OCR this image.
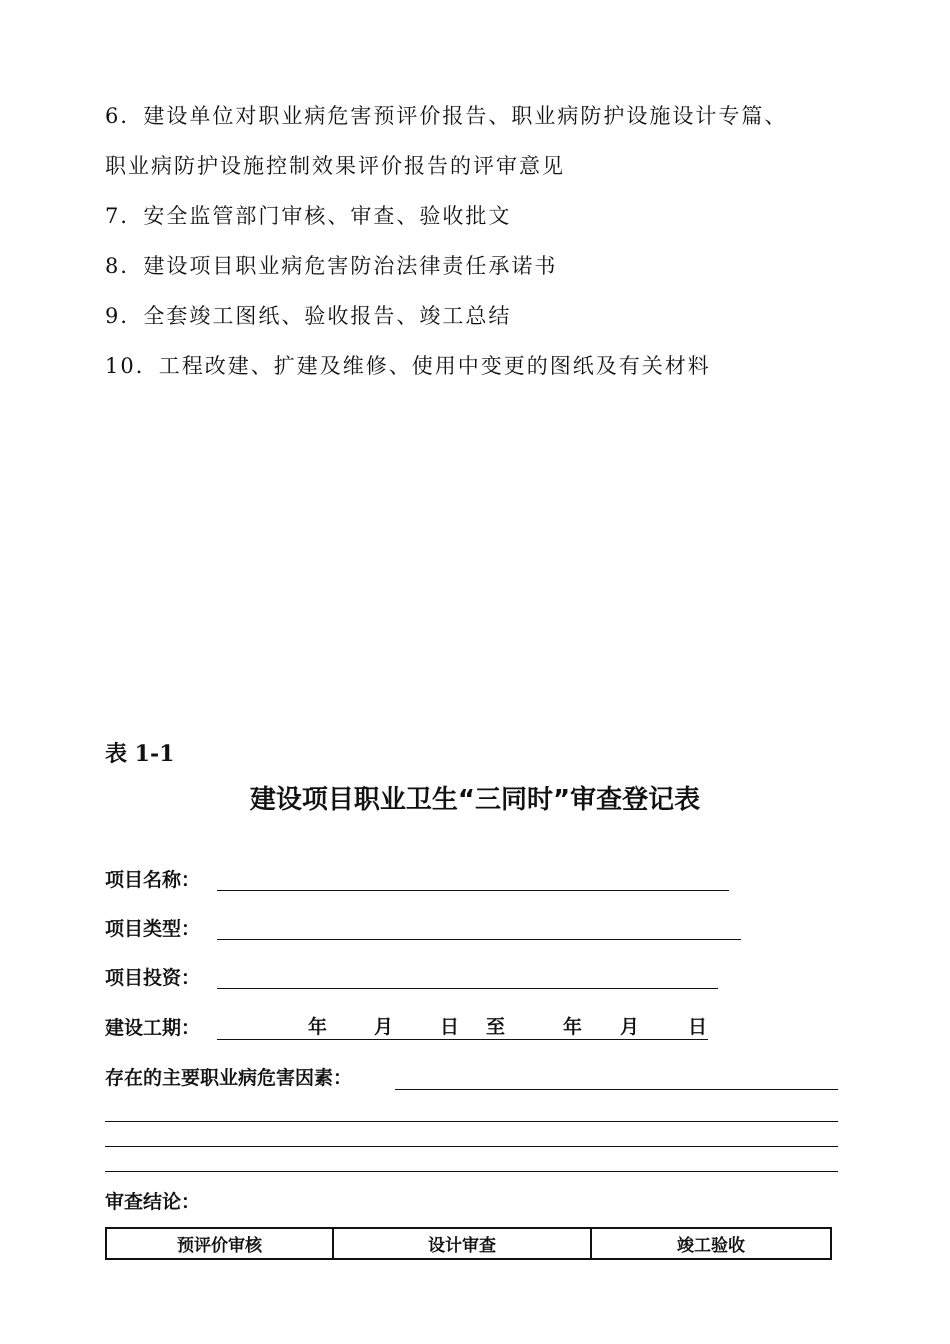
6．建设单位对职业病危害预评价报告、职业病防护设施设计专篇、
职业病防护设施控制效果评价报告的评审意见
7．安全监管部门审核、审查、验收批文
8．建设项目职业病危害防治法律责任承诺书
9．全套竣工图纸、验收报告、竣工总结
10．工程改建、扩建及维修、使用中变更的图纸及有关材料
表 1-1
建设项目职业卫生“三同时”审查登记表
项目名称：
项目类型：
项目投资：
建设工期：	年 月 日 至	年 月	日
存在的主要职业病危害因素：
审查结论：
预评价审核	设计审查	竣工验收
